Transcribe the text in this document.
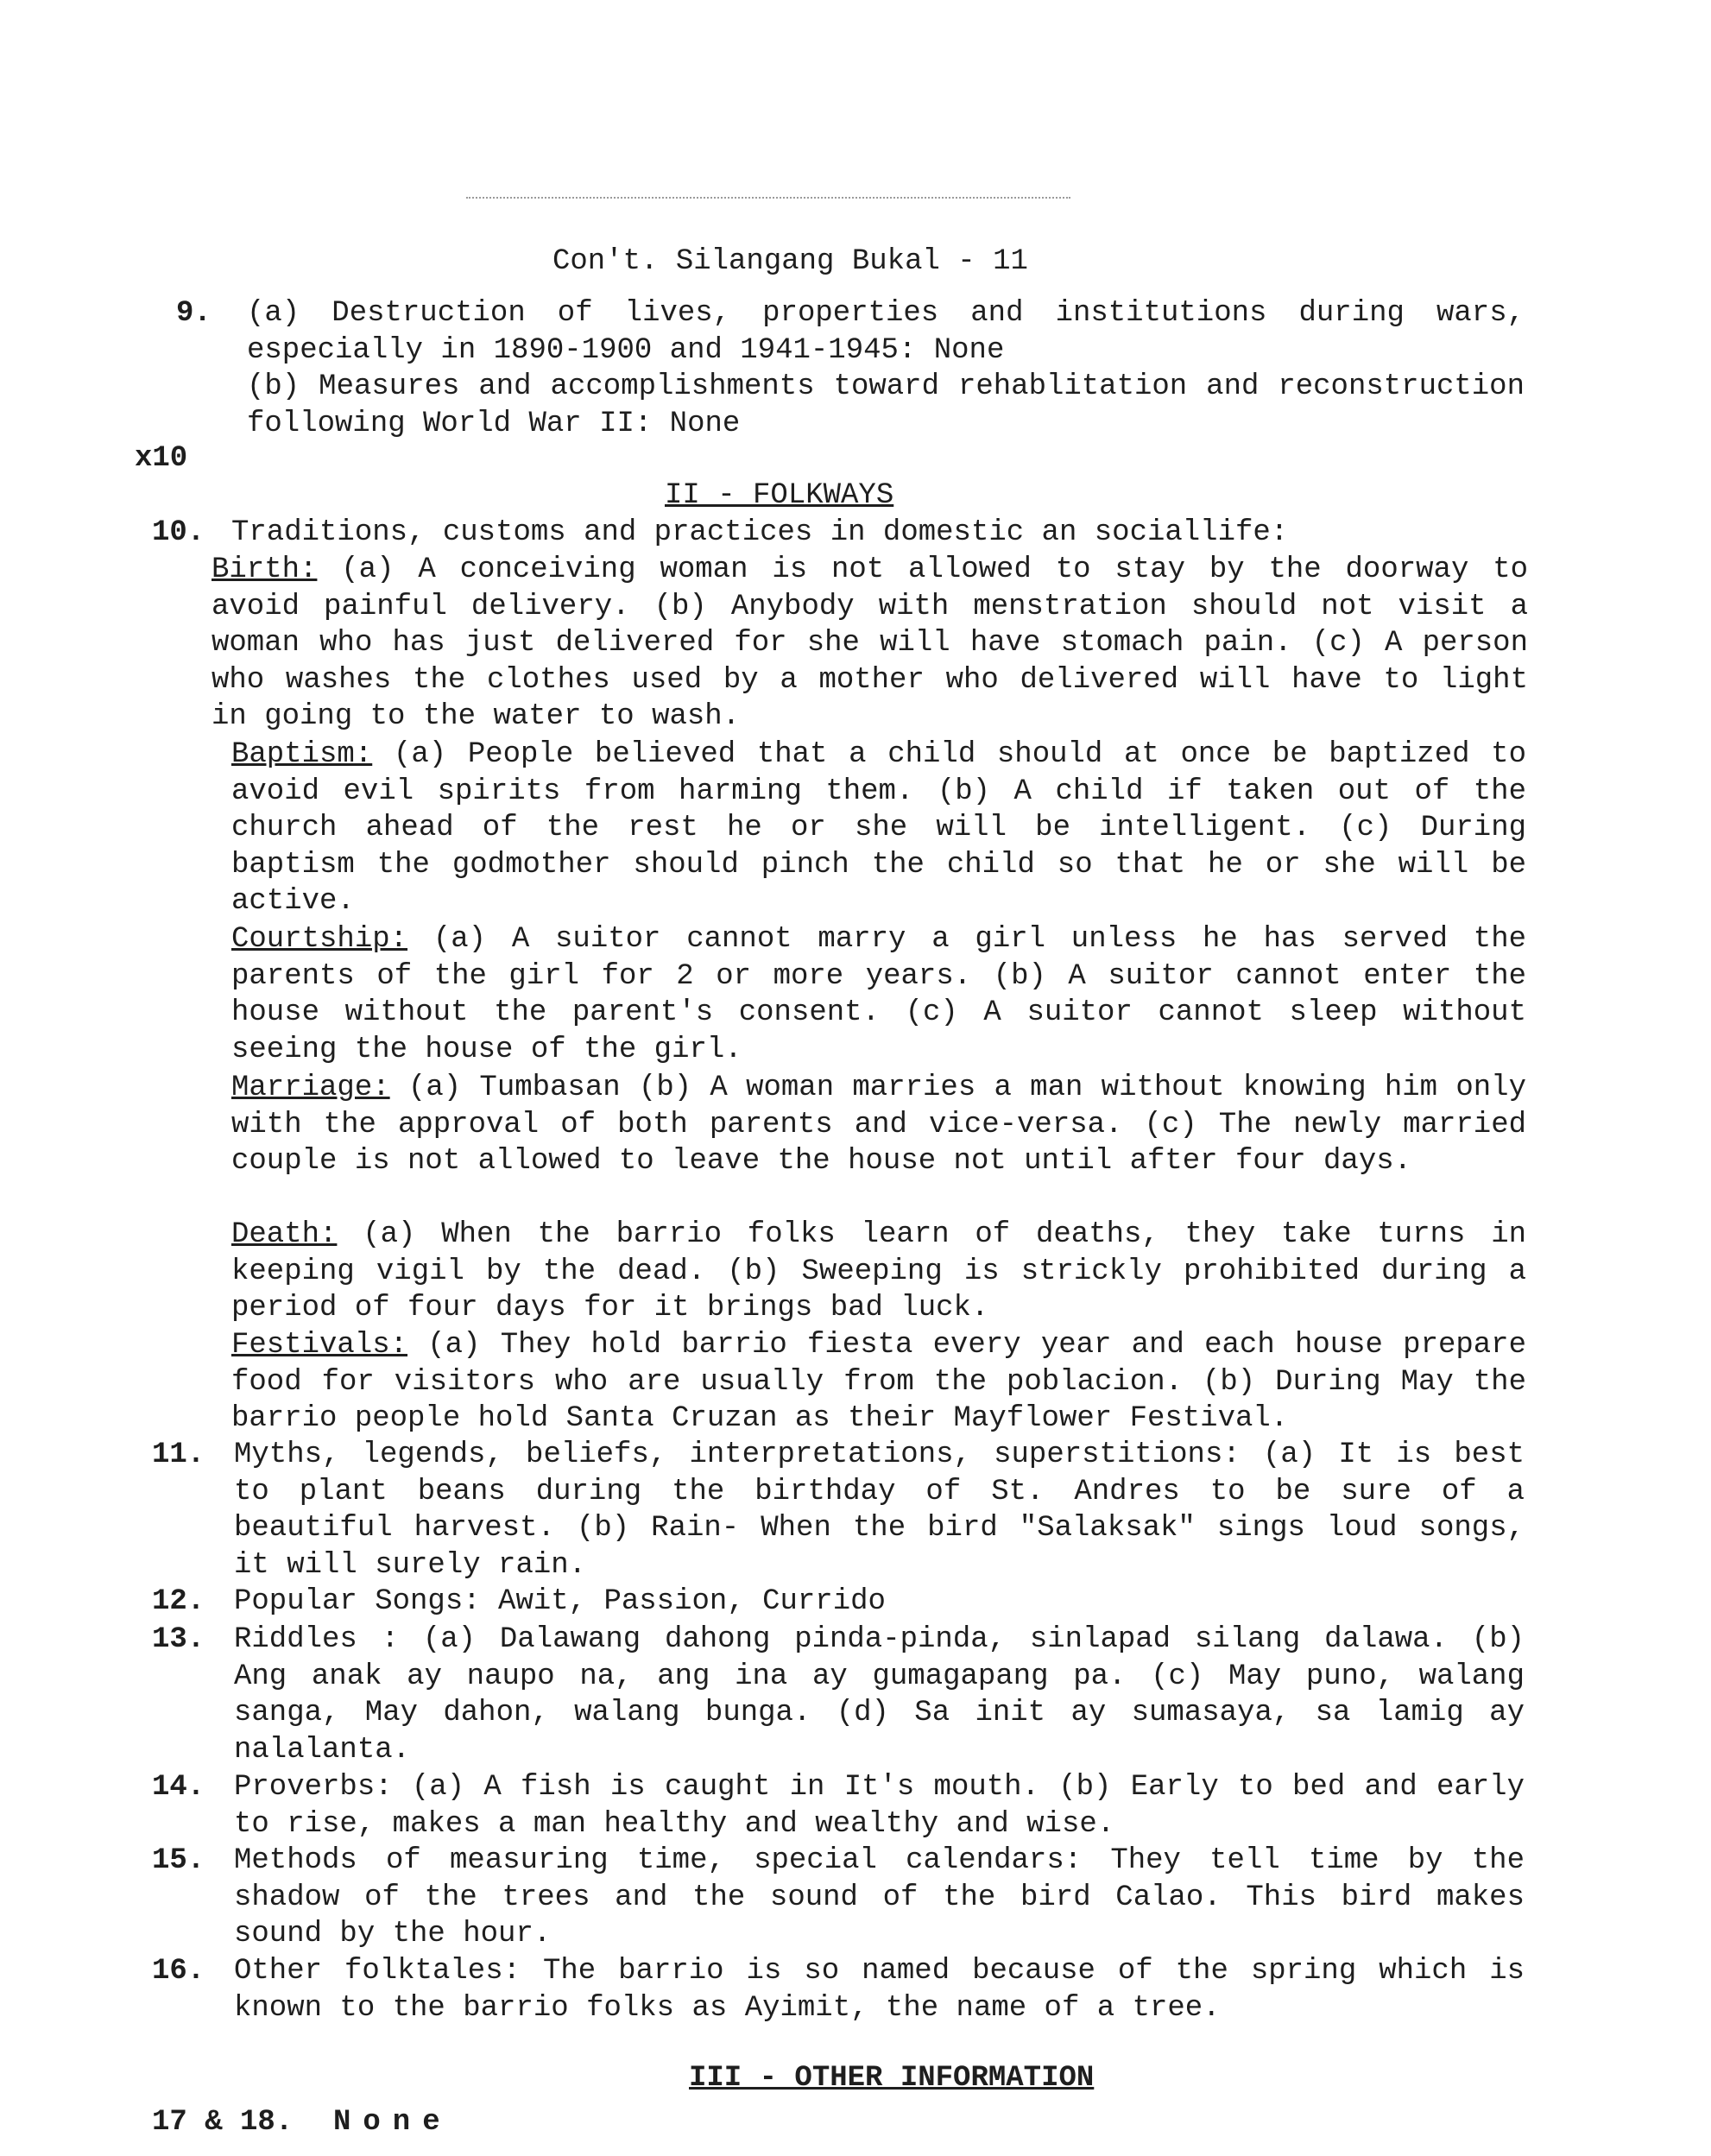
Con't. Silangang Bukal - 11
x10
9. (a) Destruction of lives, properties and institutions during wars, especially in 1890-1900 and 1941-1945: None
(b) Measures and accomplishments toward rehablitation and reconstruction following World War II: None
II - FOLKWAYS
10. Traditions, customs and practices in domestic an sociallife:
Birth: (a) A conceiving woman is not allowed to stay by the doorway to avoid painful delivery. (b) Anybody with menstration should not visit a woman who has just delivered for she will have stomach pain. (c) A person who washes the clothes used by a mother who delivered will have to light in going to the water to wash.
Baptism: (a) People believed that a child should at once be baptized to avoid evil spirits from harming them. (b) A child if taken out of the church ahead of the rest he or she will be intelligent. (c) During baptism the godmother should pinch the child so that he or she will be active.
Courtship: (a) A suitor cannot marry a girl unless he has served the parents of the girl for 2 or more years. (b) A suitor cannot enter the house without the parent's consent. (c) A suitor cannot sleep without seeing the house of the girl.
Marriage: (a) Tumbasan (b) A woman marries a man without knowing him only with the approval of both parents and vice-versa. (c) The newly married couple is not allowed to leave the house not until after four days.
Death: (a) When the barrio folks learn of deaths, they take turns in keeping vigil by the dead. (b) Sweeping is strickly prohibited during a period of four days for it brings bad luck.
Festivals: (a) They hold barrio fiesta every year and each house prepare food for visitors who are usually from the poblacion. (b) During May the barrio people hold Santa Cruzan as their Mayflower Festival.
11. Myths, legends, beliefs, interpretations, superstitions: (a) It is best to plant beans during the birthday of St. Andres to be sure of a beautiful harvest. (b) Rain- When the bird "Salaksak" sings loud songs, it will surely rain.
12. Popular Songs: Awit, Passion, Currido
13. Riddles : (a) Dalawang dahong pinda-pinda, sinlapad silang dalawa. (b) Ang anak ay naupo na, ang ina ay gumagapang pa. (c) May puno, walang sanga, May dahon, walang bunga. (d) Sa init ay sumasaya, sa lamig ay nalalanta.
14. Proverbs: (a) A fish is caught in It's mouth. (b) Early to bed and early to rise, makes a man healthy and wealthy and wise.
15. Methods of measuring time, special calendars: They tell time by the shadow of the trees and the sound of the bird Calao. This bird makes sound by the hour.
16. Other folktales: The barrio is so named because of the spring which is known to the barrio folks as Ayimit, the name of a tree.
III - OTHER INFORMATION
17 & 18. None
